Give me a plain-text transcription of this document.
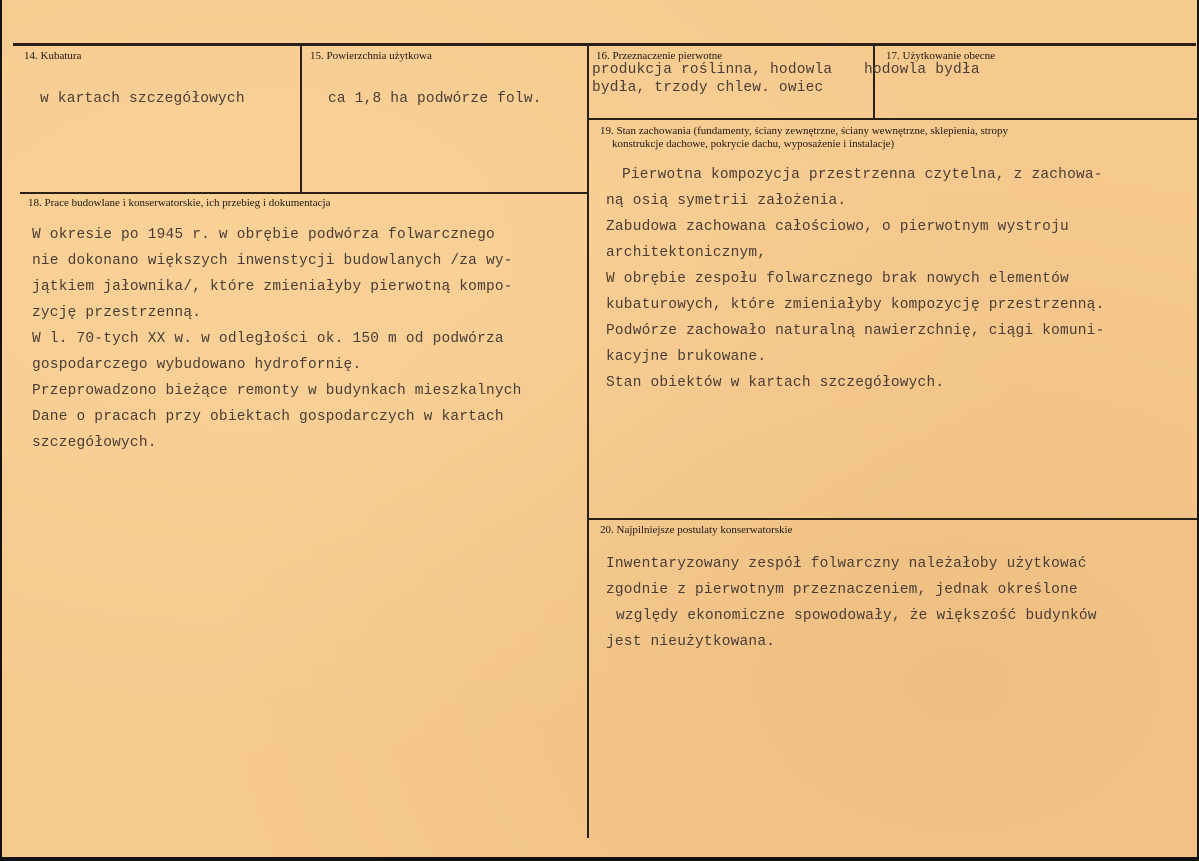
14. Kubatura
w kartach szczegółowych
15. Powierzchnia użytkowa
ca 1,8 ha podwórze folw.
16. Przeznaczenie pierwotne
produkcja roślinna, hodowla
bydła, trzody chlew. owiec
17. Użytkowanie obecne
hodowla bydła
19. Stan zachowania (fundamenty, ściany zewnętrzne, ściany wewnętrzne, sklepienia, stropy
konstrukcje dachowe, pokrycie dachu, wyposażenie i instalacje)
Pierwotna kompozycja przestrzenna czytelna, z zachowa-
ną osią symetrii założenia.
Zabudowa zachowana całościowo, o pierwotnym wystroju
architektonicznym,
W obrębie zespołu folwarcznego brak nowych elementów
kubaturowych, które zmieniałyby kompozycję przestrzenną.
Podwórze zachowało naturalną nawierzchnię, ciągi komuni-
kacyjne brukowane.
Stan obiektów w kartach szczegółowych.
18. Prace budowlane i konserwatorskie, ich przebieg i dokumentacja
W okresie po 1945 r. w obrębie podwórza folwarcznego
nie dokonano większych inwenstycji budowlanych /za wy-
jątkiem jałownika/, które zmieniałyby pierwotną kompo-
zycję przestrzenną.
W l. 70-tych XX w. w odległości ok. 150 m od podwórza
gospodarczego wybudowano hydrofornię.
Przeprowadzono bieżące remonty w budynkach mieszkalnych
Dane o pracach przy obiektach gospodarczych w kartach
szczegółowych.
20. Najpilniejsze postulaty konserwatorskie
Inwentaryzowany zespół folwarczny należałoby użytkować
zgodnie z pierwotnym przeznaczeniem, jednak określone
względy ekonomiczne spowodowały, że większość budynków
jest nieużytkowana.
